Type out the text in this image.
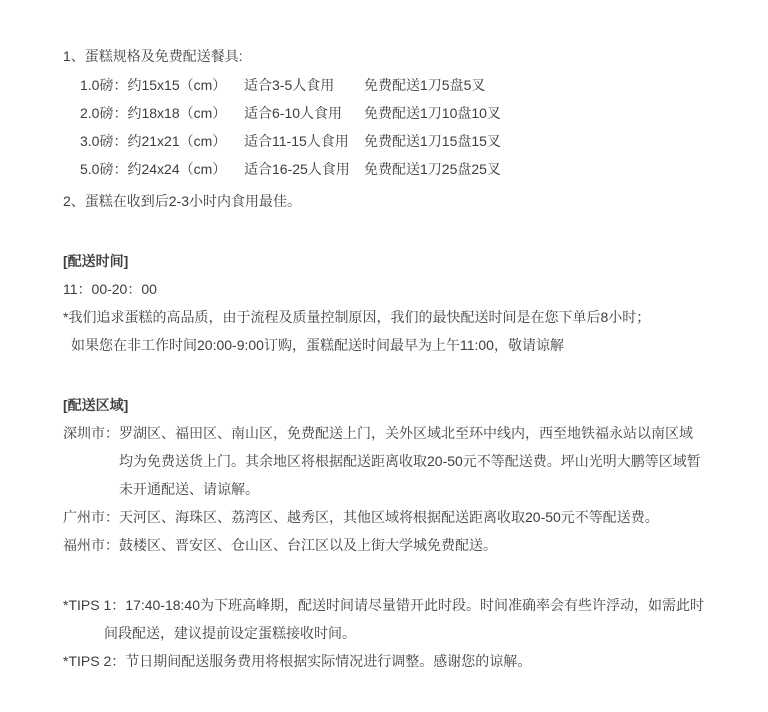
1、蛋糕规格及免费配送餐具:
1.0磅：约15x15（cm）	适合3-5人食用	免费配送1刀5盘5叉
2.0磅：约18x18（cm）	适合6-10人食用	免费配送1刀10盘10叉
3.0磅：约21x21（cm）	适合11-15人食用	免费配送1刀15盘15叉
5.0磅：约24x24（cm）	适合16-25人食用	免费配送1刀25盘25叉
2、蛋糕在收到后2-3小时内食用最佳。
[配送时间]
11：00-20：00
*我们追求蛋糕的高品质，由于流程及质量控制原因，我们的最快配送时间是在您下单后8小时；
如果您在非工作时间20:00-9:00订购，蛋糕配送时间最早为上午11:00，敬请谅解
[配送区域]
深圳市：罗湖区、福田区、南山区，免费配送上门，关外区域北至环中线内，西至地铁福永站以南区域
均为免费送货上门。其余地区将根据配送距离收取20-50元不等配送费。坪山光明大鹏等区域暂
未开通配送、请谅解。
广州市：天河区、海珠区、荔湾区、越秀区，其他区域将根据配送距离收取20-50元不等配送费。
福州市：鼓楼区、晋安区、仓山区、台江区以及上街大学城免费配送。
*TIPS 1：17:40-18:40为下班高峰期，配送时间请尽量错开此时段。时间准确率会有些许浮动，如需此时
间段配送，建议提前设定蛋糕接收时间。
*TIPS 2：节日期间配送服务费用将根据实际情况进行调整。感谢您的谅解。
